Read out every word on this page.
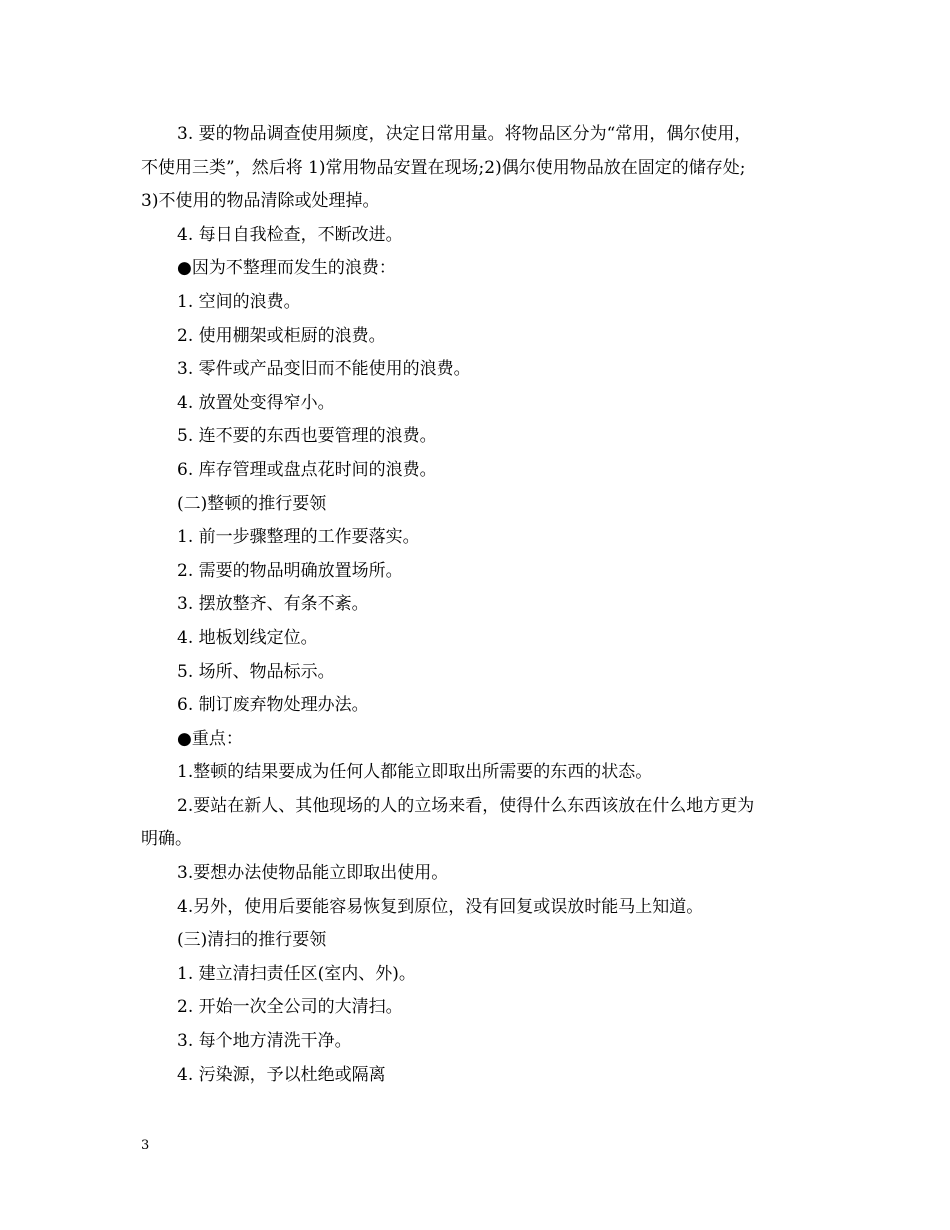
3. 要的物品调查使用频度，决定日常用量。将物品区分为“常用，偶尔使用，
不使用三类”，然后将 1)常用物品安置在现场;2)偶尔使用物品放在固定的储存处;
3)不使用的物品清除或处理掉。
4. 每日自我检查，不断改进。
●因为不整理而发生的浪费：
1. 空间的浪费。
2. 使用棚架或柜厨的浪费。
3. 零件或产品变旧而不能使用的浪费。
4. 放置处变得窄小。
5. 连不要的东西也要管理的浪费。
6. 库存管理或盘点花时间的浪费。
(二)整顿的推行要领
1. 前一步骤整理的工作要落实。
2. 需要的物品明确放置场所。
3. 摆放整齐、有条不紊。
4. 地板划线定位。
5. 场所、物品标示。
6. 制订废弃物处理办法。
●重点：
1.整顿的结果要成为任何人都能立即取出所需要的东西的状态。
2.要站在新人、其他现场的人的立场来看，使得什么东西该放在什么地方更为
明确。
3.要想办法使物品能立即取出使用。
4.另外，使用后要能容易恢复到原位，没有回复或误放时能马上知道。
(三)清扫的推行要领
1. 建立清扫责任区(室内、外)。
2. 开始一次全公司的大清扫。
3. 每个地方清洗干净。
4. 污染源，予以杜绝或隔离
3
